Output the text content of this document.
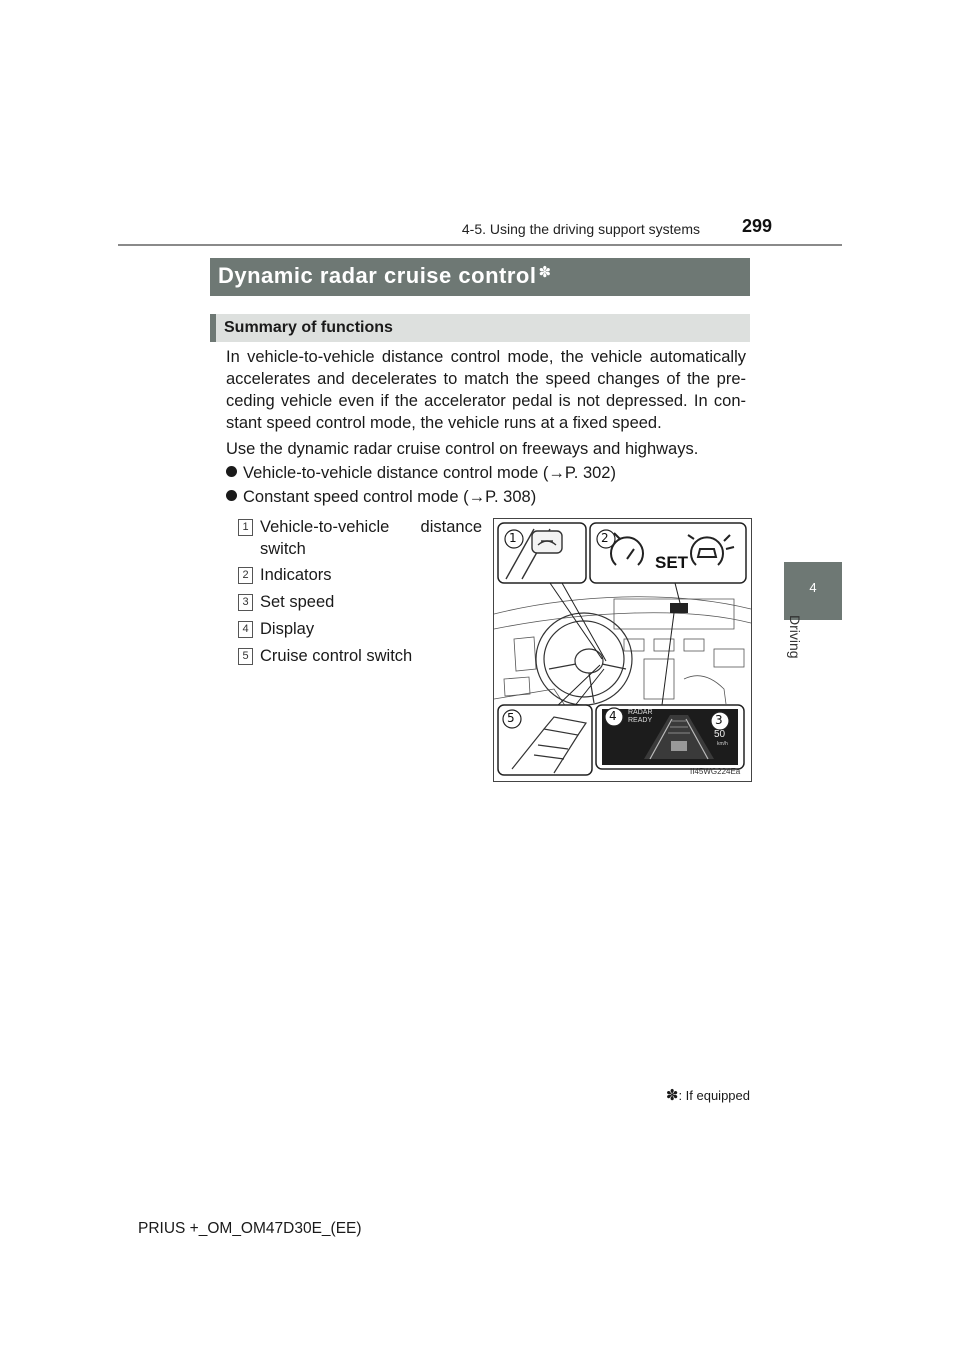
4-5. Using the driving support systems	299
4
Driving
Dynamic radar cruise control ✽
Summary of functions
In vehicle-to-vehicle distance control mode, the vehicle automatically accelerates and decelerates to match the speed changes of the pre-ceding vehicle even if the accelerator pedal is not depressed. In con-stant speed control mode, the vehicle runs at a fixed speed.
Use the dynamic radar cruise control on freeways and highways.
Vehicle-to-vehicle distance control mode (→P. 302)
Constant speed control mode (→P. 308)
1 Vehicle-to-vehicle distance
switch
2 Indicators
3 Set speed
4 Display
5 Cruise control switch
1	2
3
4
5
SET
RADAR
READY
50
km/h
II45WG224Ea
✽: If equipped
PRIUS +_OM_OM47D30E_(EE)
